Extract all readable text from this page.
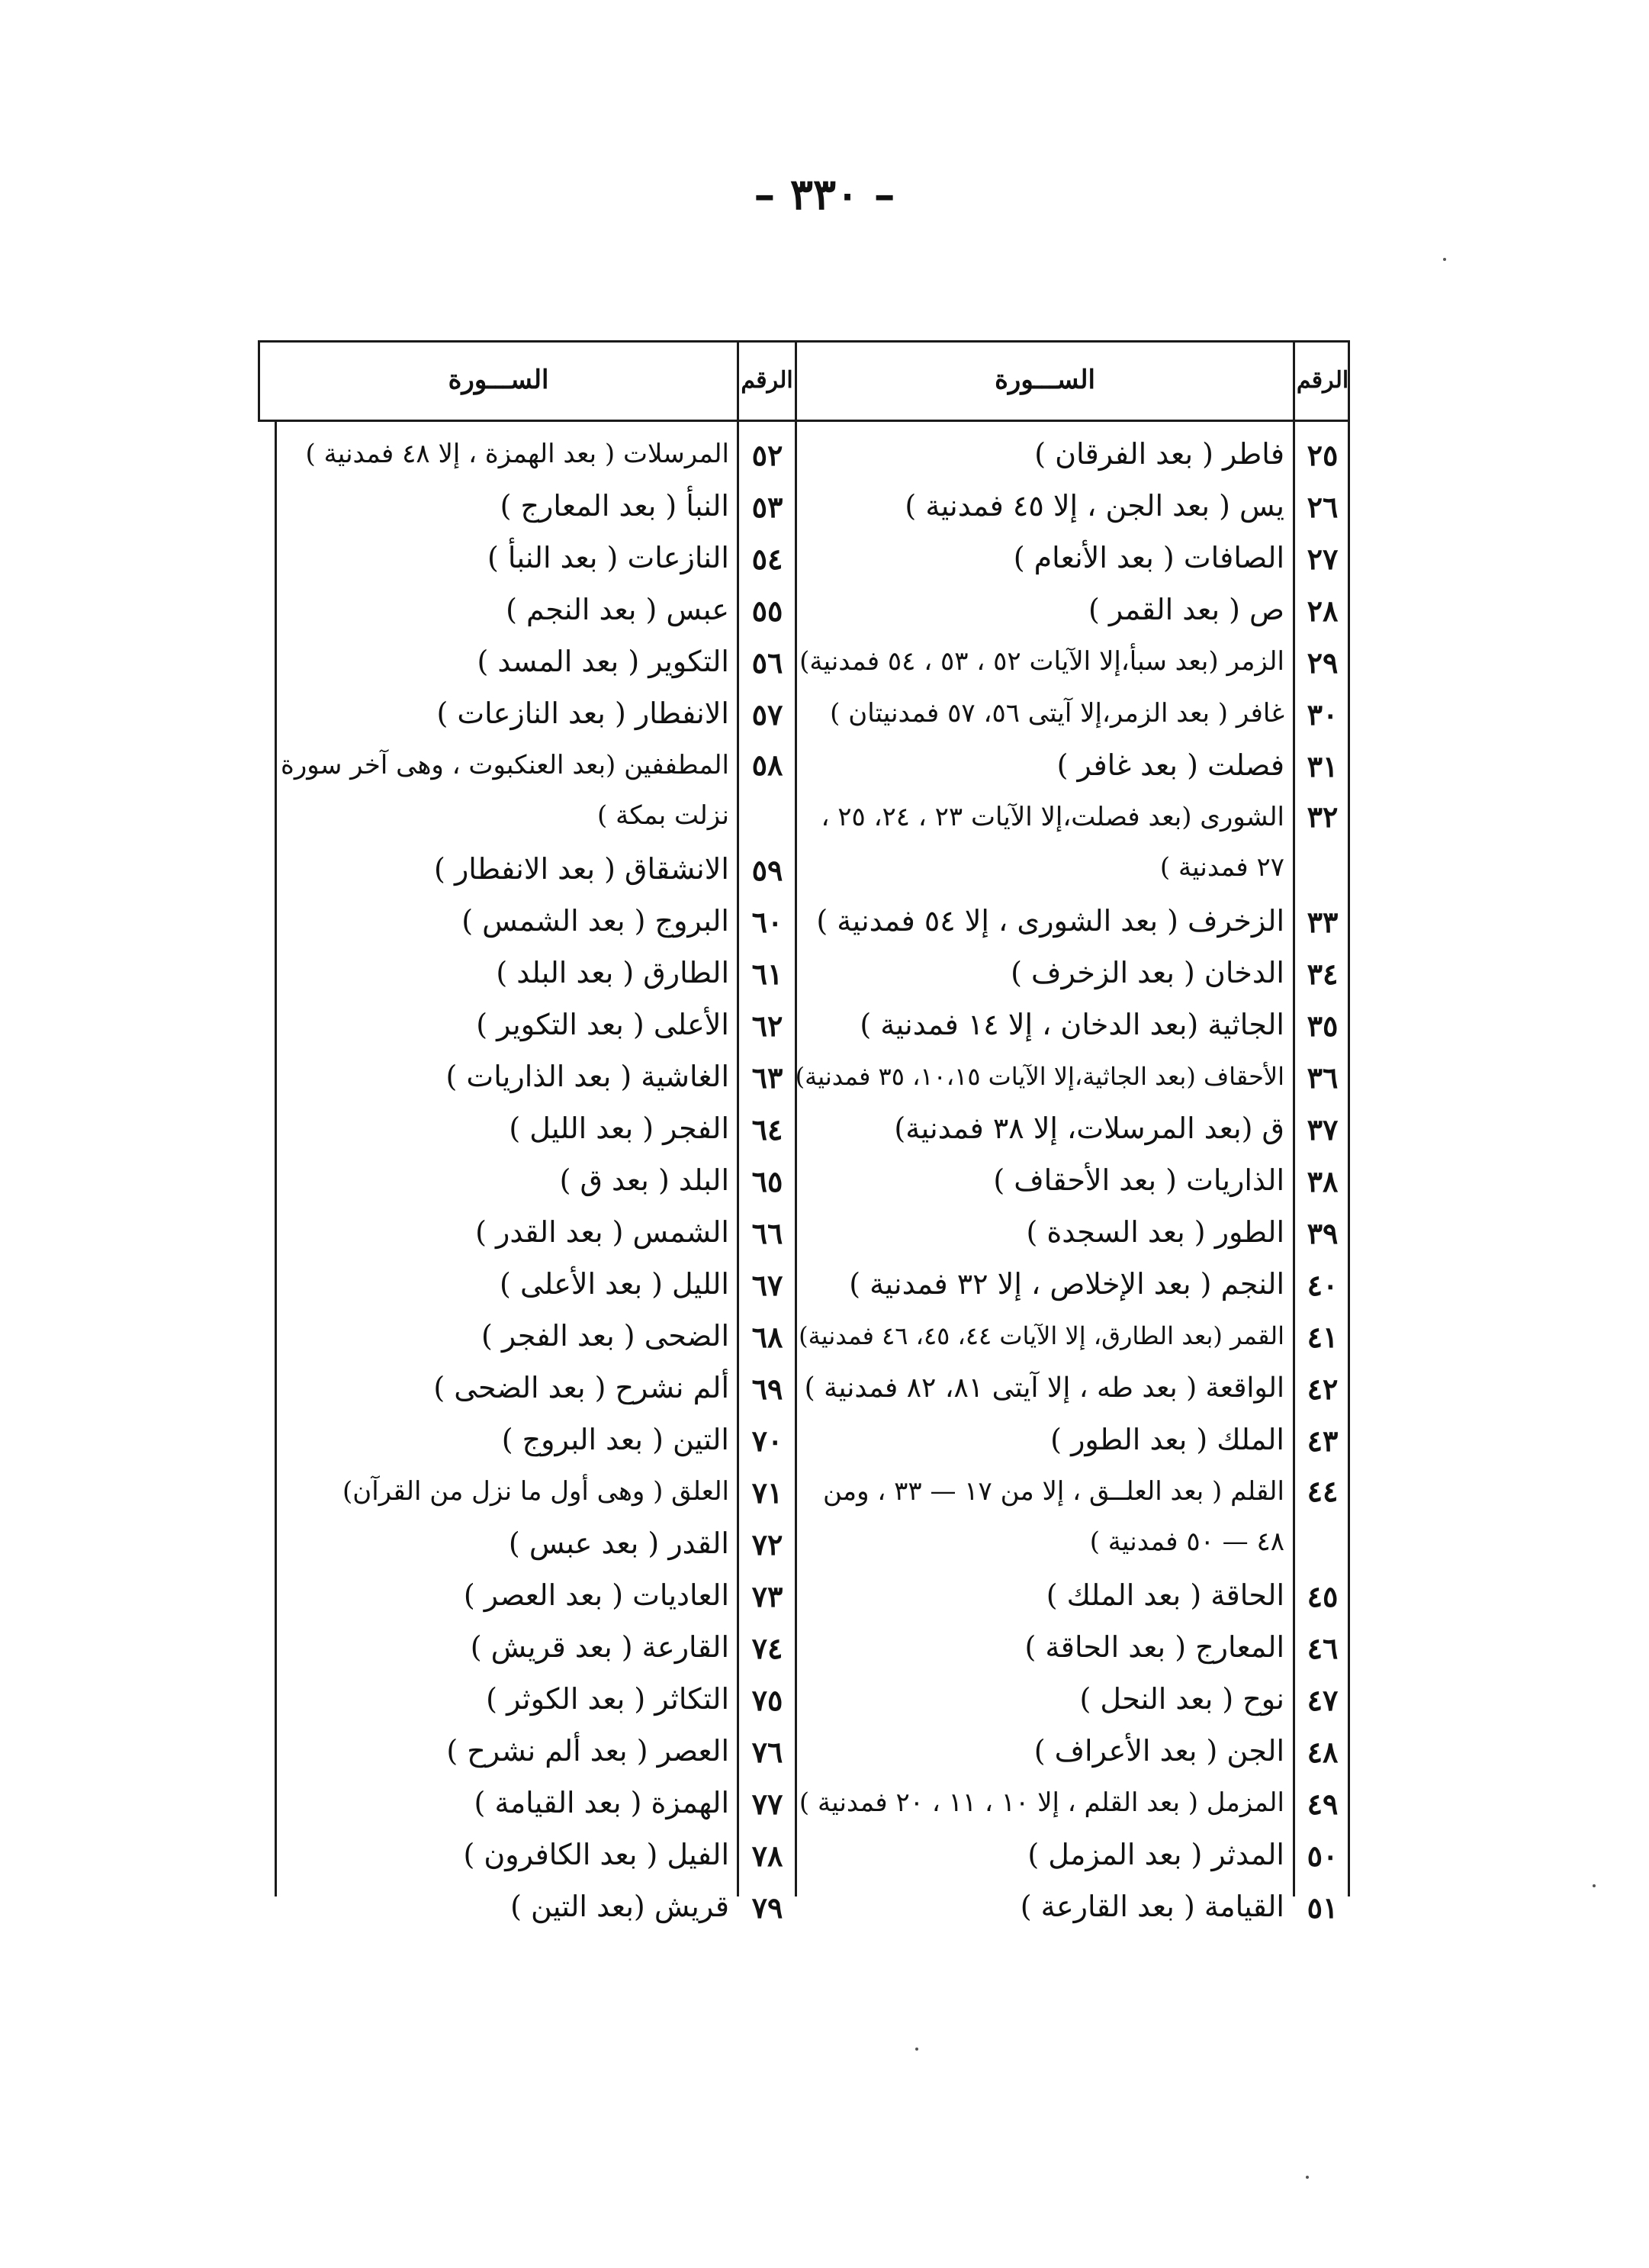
– ٣٣٠ –
الرقم
الســـورة
الرقم
الســـورة
٢٥
فاطر ( بعد الفرقان )
٢٦
يس ( بعد الجن ، إلا ٤٥ فمدنية )
٢٧
الصافات ( بعد الأنعام )
٢٨
ص ( بعد القمر )
٢٩
الزمر (بعد سبأ،إلا الآيات ٥٢ ، ٥٣ ، ٥٤ فمدنية)
٣٠
غافر ( بعد الزمر،إلا آيتى ٥٦، ٥٧ فمدنيتان )
٣١
فصلت ( بعد غافر )
٣٢
الشورى (بعد فصلت،إلا الآيات ٢٣ ، ٢٤، ٢٥ ، ٢٧ فمدنية )
٣٣
الزخرف ( بعد الشورى ، إلا ٥٤ فمدنية )
٣٤
الدخان ( بعد الزخرف )
٣٥
الجاثية (بعد الدخان ، إلا ١٤ فمدنية )
٣٦
الأحقاف (بعد الجاثية،إلا الآيات ١٠،١٥، ٣٥ فمدنية)
٣٧
ق (بعد المرسلات، إلا ٣٨ فمدنية)
٣٨
الذاريات ( بعد الأحقاف )
٣٩
الطور ( بعد السجدة )
٤٠
النجم ( بعد الإخلاص ، إلا ٣٢ فمدنية )
٤١
القمر (بعد الطارق، إلا الآيات ٤٤، ٤٥، ٤٦ فمدنية)
٤٢
الواقعة ( بعد طه ، إلا آيتى ٨١، ٨٢ فمدنية )
٤٣
الملك ( بعد الطور )
٤٤
القلم ( بعد العلــق ، إلا من ١٧ — ٣٣ ، ومن ٤٨ — ٥٠ فمدنية )
٤٥
الحاقة ( بعد الملك )
٤٦
المعارج ( بعد الحاقة )
٤٧
نوح ( بعد النحل )
٤٨
الجن ( بعد الأعراف )
٤٩
المزمل ( بعد القلم ، إلا ١٠ ، ١١ ، ٢٠ فمدنية )
٥٠
المدثر ( بعد المزمل )
٥١
القيامة ( بعد القارعة )
٥٢
المرسلات ( بعد الهمزة ، إلا ٤٨ فمدنية )
٥٣
النبأ ( بعد المعارج )
٥٤
النازعات ( بعد النبأ )
٥٥
عبس ( بعد النجم )
٥٦
التكوير ( بعد المسد )
٥٧
الانفطار ( بعد النازعات )
٥٨
المطففين (بعد العنكبوت ، وهى آخر سورة نزلت بمكة )
٥٩
الانشقاق ( بعد الانفطار )
٦٠
البروج ( بعد الشمس )
٦١
الطارق ( بعد البلد )
٦٢
الأعلى ( بعد التكوير )
٦٣
الغاشية ( بعد الذاريات )
٦٤
الفجر ( بعد الليل )
٦٥
البلد ( بعد ق )
٦٦
الشمس ( بعد القدر )
٦٧
الليل ( بعد الأعلى )
٦٨
الضحى ( بعد الفجر )
٦٩
ألم نشرح ( بعد الضحى )
٧٠
التين ( بعد البروج )
٧١
العلق ( وهى أول ما نزل من القرآن)
٧٢
القدر ( بعد عبس )
٧٣
العاديات ( بعد العصر )
٧٤
القارعة ( بعد قريش )
٧٥
التكاثر ( بعد الكوثر )
٧٦
العصر ( بعد ألم نشرح )
٧٧
الهمزة ( بعد القيامة )
٧٨
الفيل ( بعد الكافرون )
٧٩
قريش (بعد التين )
